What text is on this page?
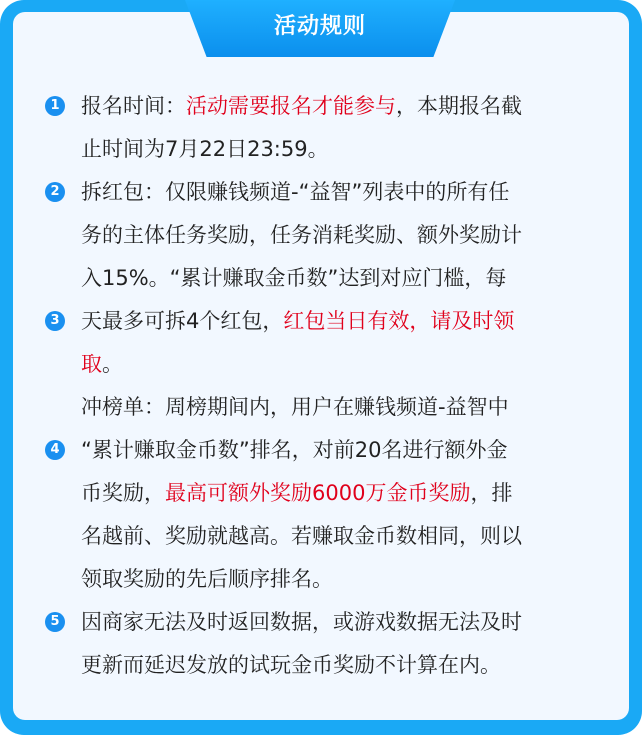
活动规则
1
2
3
4
5
报名时间：活动需要报名才能参与，本期报名截
止时间为7月22日23:59。
拆红包：仅限赚钱频道-“益智”列表中的所有任
务的主体任务奖励，任务消耗奖励、额外奖励计
入15%。“累计赚取金币数”达到对应门槛，每
天最多可拆4个红包，红包当日有效，请及时领
取。
冲榜单：周榜期间内，用户在赚钱频道-益智中
“累计赚取金币数”排名，对前20名进行额外金
币奖励，最高可额外奖励6000万金币奖励，排
名越前、奖励就越高。若赚取金币数相同，则以
领取奖励的先后顺序排名。
因商家无法及时返回数据，或游戏数据无法及时
更新而延迟发放的试玩金币奖励不计算在内。
